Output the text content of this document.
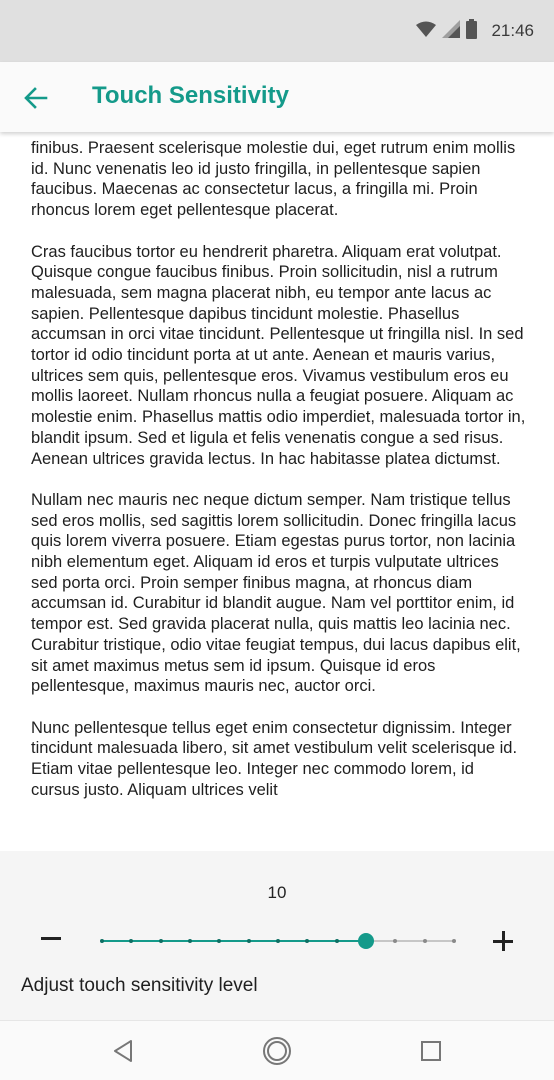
21:46
Touch Sensitivity

finibus. Praesent scelerisque molestie dui, eget rutrum enim mollis id. Nunc venenatis leo id justo fringilla, in pellentesque sapien faucibus. Maecenas ac consectetur lacus, a fringilla mi. Proin rhoncus lorem eget pellentesque placerat.

Cras faucibus tortor eu hendrerit pharetra. Aliquam erat volutpat. Quisque congue faucibus finibus. Proin sollicitudin, nisl a rutrum malesuada, sem magna placerat nibh, eu tempor ante lacus ac sapien. Pellentesque dapibus tincidunt molestie. Phasellus accumsan in orci vitae tincidunt. Pellentesque ut fringilla nisl. In sed tortor id odio tincidunt porta at ut ante. Aenean et mauris varius, ultrices sem quis, pellentesque eros. Vivamus vestibulum eros eu mollis laoreet. Nullam rhoncus nulla a feugiat posuere. Aliquam ac molestie enim. Phasellus mattis odio imperdiet, malesuada tortor in, blandit ipsum. Sed et ligula et felis venenatis congue a sed risus. Aenean ultrices gravida lectus. In hac habitasse platea dictumst.

Nullam nec mauris nec neque dictum semper. Nam tristique tellus sed eros mollis, sed sagittis lorem sollicitudin. Donec fringilla lacus quis lorem viverra posuere. Etiam egestas purus tortor, non lacinia nibh elementum eget. Aliquam id eros et turpis vulputate ultrices sed porta orci. Proin semper finibus magna, at rhoncus diam accumsan id. Curabitur id blandit augue. Nam vel porttitor enim, id tempor est. Sed gravida placerat nulla, quis mattis leo lacinia nec. Curabitur tristique, odio vitae feugiat tempus, dui lacus dapibus elit, sit amet maximus metus sem id ipsum. Quisque id eros pellentesque, maximus mauris nec, auctor orci.

Nunc pellentesque tellus eget enim consectetur dignissim. Integer tincidunt malesuada libero, sit amet vestibulum velit scelerisque id. Etiam vitae pellentesque leo. Integer nec commodo lorem, id cursus justo. Aliquam ultrices velit

10
Adjust touch sensitivity level
